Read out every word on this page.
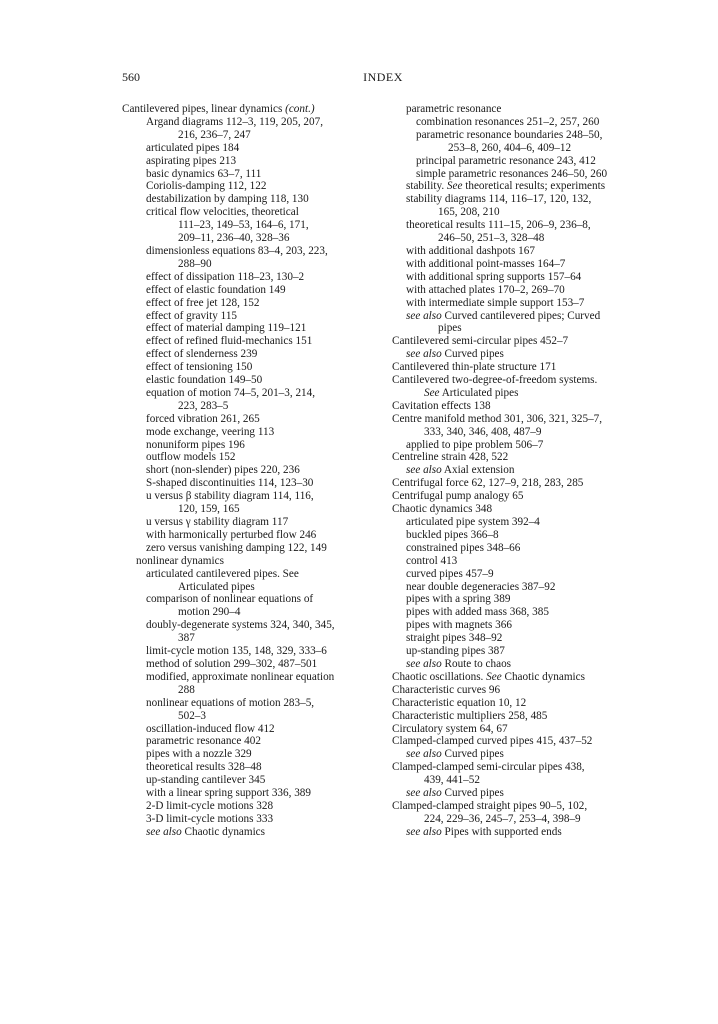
560	INDEX
Cantilevered pipes, linear dynamics (cont.)
Argand diagrams 112–3, 119, 205, 207,
216, 236–7, 247
articulated pipes 184
aspirating pipes 213
basic dynamics 63–7, 111
Coriolis-damping 112, 122
destabilization by damping 118, 130
critical flow velocities, theoretical
111–23, 149–53, 164–6, 171,
209–11, 236–40, 328–36
dimensionless equations 83–4, 203, 223,
288–90
effect of dissipation 118–23, 130–2
effect of elastic foundation 149
effect of free jet 128, 152
effect of gravity 115
effect of material damping 119–121
effect of refined fluid-mechanics 151
effect of slenderness 239
effect of tensioning 150
elastic foundation 149–50
equation of motion 74–5, 201–3, 214,
223, 283–5
forced vibration 261, 265
mode exchange, veering 113
nonuniform pipes 196
outflow models 152
short (non-slender) pipes 220, 236
S-shaped discontinuities 114, 123–30
u versus β stability diagram 114, 116,
120, 159, 165
u versus γ stability diagram 117
with harmonically perturbed flow 246
zero versus vanishing damping 122, 149
nonlinear dynamics
articulated cantilevered pipes. See
Articulated pipes
comparison of nonlinear equations of
motion 290–4
doubly-degenerate systems 324, 340, 345,
387
limit-cycle motion 135, 148, 329, 333–6
method of solution 299–302, 487–501
modified, approximate nonlinear equation
288
nonlinear equations of motion 283–5,
502–3
oscillation-induced flow 412
parametric resonance 402
pipes with a nozzle 329
theoretical results 328–48
up-standing cantilever 345
with a linear spring support 336, 389
2-D limit-cycle motions 328
3-D limit-cycle motions 333
see also Chaotic dynamics
parametric resonance
combination resonances 251–2, 257, 260
parametric resonance boundaries 248–50,
253–8, 260, 404–6, 409–12
principal parametric resonance 243, 412
simple parametric resonances 246–50, 260
stability. See theoretical results; experiments
stability diagrams 114, 116–17, 120, 132,
165, 208, 210
theoretical results 111–15, 206–9, 236–8,
246–50, 251–3, 328–48
with additional dashpots 167
with additional point-masses 164–7
with additional spring supports 157–64
with attached plates 170–2, 269–70
with intermediate simple support 153–7
see also Curved cantilevered pipes; Curved
pipes
Cantilevered semi-circular pipes 452–7
see also Curved pipes
Cantilevered thin-plate structure 171
Cantilevered two-degree-of-freedom systems.
See Articulated pipes
Cavitation effects 138
Centre manifold method 301, 306, 321, 325–7,
333, 340, 346, 408, 487–9
applied to pipe problem 506–7
Centreline strain 428, 522
see also Axial extension
Centrifugal force 62, 127–9, 218, 283, 285
Centrifugal pump analogy 65
Chaotic dynamics 348
articulated pipe system 392–4
buckled pipes 366–8
constrained pipes 348–66
control 413
curved pipes 457–9
near double degeneracies 387–92
pipes with a spring 389
pipes with added mass 368, 385
pipes with magnets 366
straight pipes 348–92
up-standing pipes 387
see also Route to chaos
Chaotic oscillations. See Chaotic dynamics
Characteristic curves 96
Characteristic equation 10, 12
Characteristic multipliers 258, 485
Circulatory system 64, 67
Clamped-clamped curved pipes 415, 437–52
see also Curved pipes
Clamped-clamped semi-circular pipes 438,
439, 441–52
see also Curved pipes
Clamped-clamped straight pipes 90–5, 102,
224, 229–36, 245–7, 253–4, 398–9
see also Pipes with supported ends
